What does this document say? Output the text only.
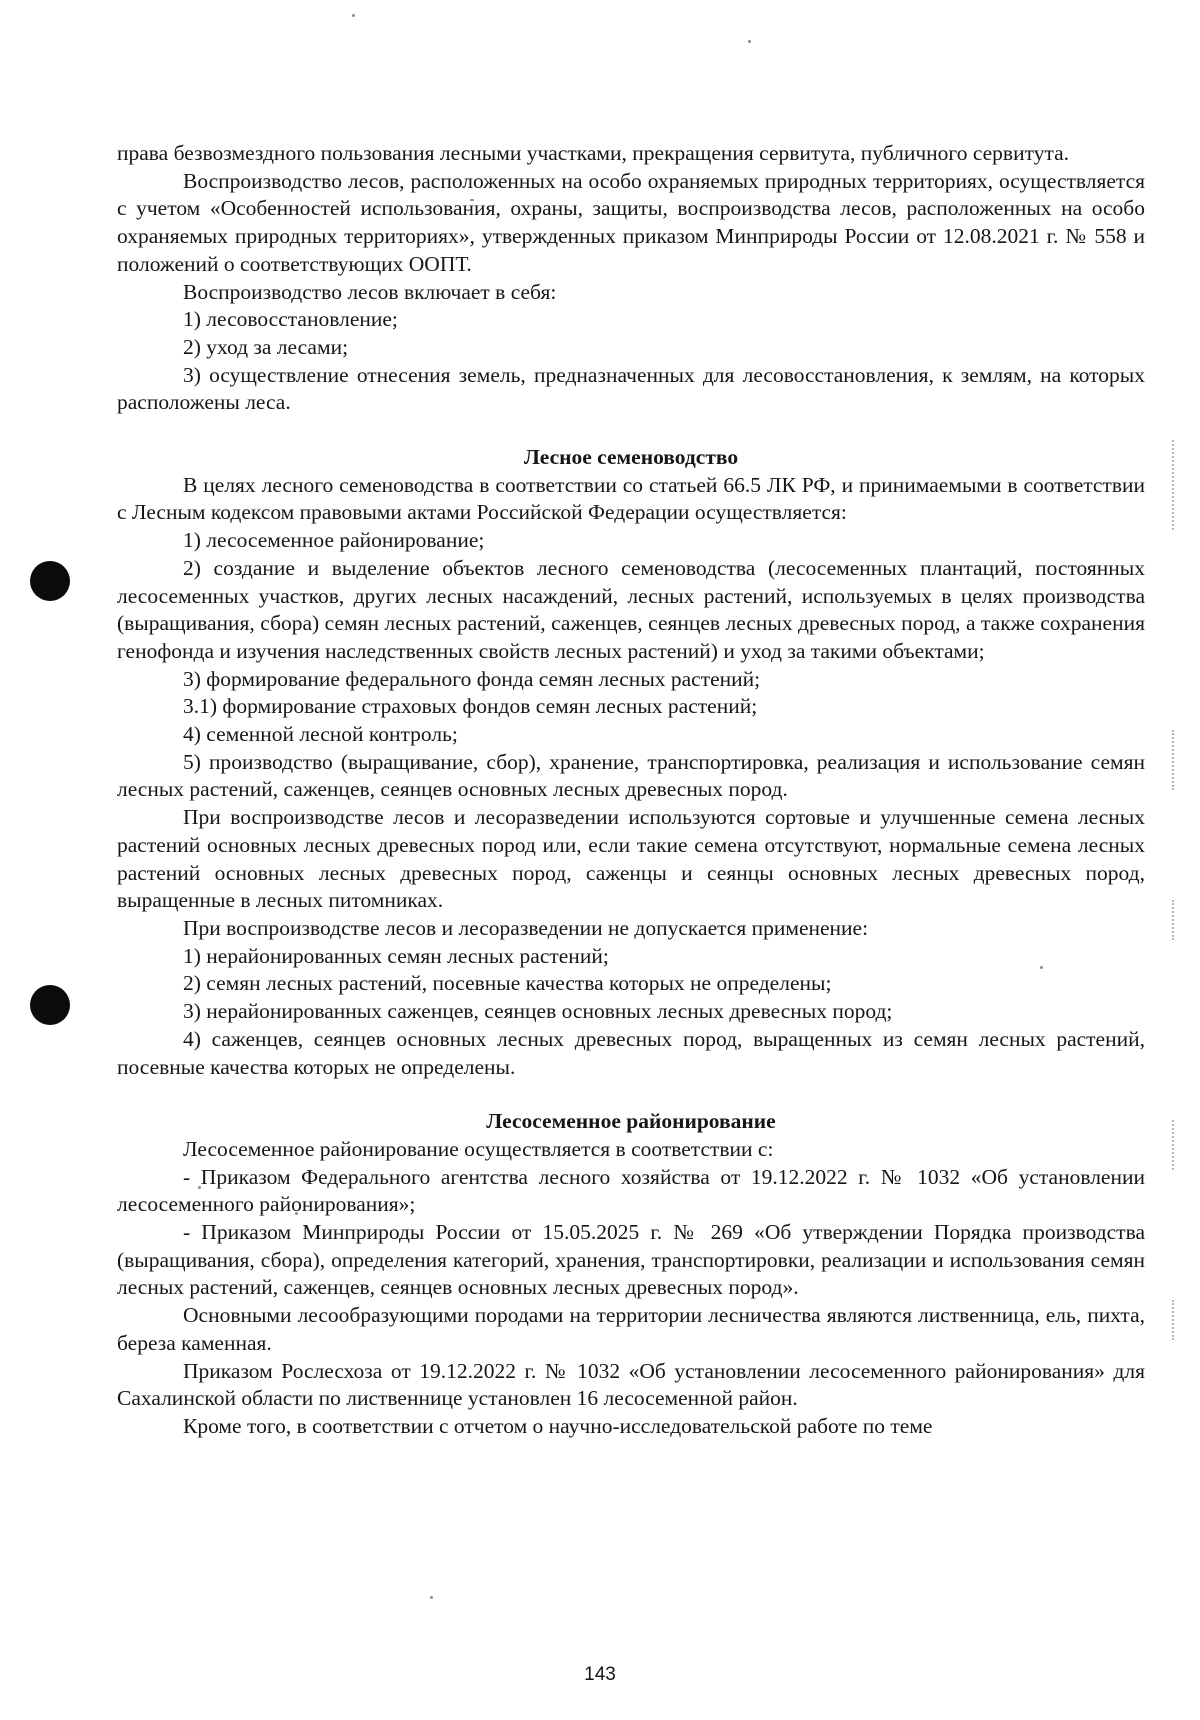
права безвозмездного пользования лесными участками, прекращения сервитута, публичного сервитута.

Воспроизводство лесов, расположенных на особо охраняемых природных территориях, осуществляется с учетом «Особенностей использования, охраны, защиты, воспроизводства лесов, расположенных на особо охраняемых природных территориях», утвержденных приказом Минприроды России от 12.08.2021 г. № 558 и положений о соответствующих ООПТ.

Воспроизводство лесов включает в себя:

1) лесовосстановление;

2) уход за лесами;

3) осуществление отнесения земель, предназначенных для лесовосстановления, к землям, на которых расположены леса.

Лесное семеноводство

В целях лесного семеноводства в соответствии со статьей 66.5 ЛК РФ, и принимаемыми в соответствии с Лесным кодексом правовыми актами Российской Федерации осуществляется:

1) лесосеменное районирование;

2) создание и выделение объектов лесного семеноводства (лесосеменных плантаций, постоянных лесосеменных участков, других лесных насаждений, лесных растений, используемых в целях производства (выращивания, сбора) семян лесных растений, саженцев, сеянцев лесных древесных пород, а также сохранения генофонда и изучения наследственных свойств лесных растений) и уход за такими объектами;

3) формирование федерального фонда семян лесных растений;

3.1) формирование страховых фондов семян лесных растений;

4) семенной лесной контроль;

5) производство (выращивание, сбор), хранение, транспортировка, реализация и использование семян лесных растений, саженцев, сеянцев основных лесных древесных пород.

При воспроизводстве лесов и лесоразведении используются сортовые и улучшенные семена лесных растений основных лесных древесных пород или, если такие семена отсутствуют, нормальные семена лесных растений основных лесных древесных пород, саженцы и сеянцы основных лесных древесных пород, выращенные в лесных питомниках.

При воспроизводстве лесов и лесоразведении не допускается применение:

1) нерайонированных семян лесных растений;

2) семян лесных растений, посевные качества которых не определены;

3) нерайонированных саженцев, сеянцев основных лесных древесных пород;

4) саженцев, сеянцев основных лесных древесных пород, выращенных из семян лесных растений, посевные качества которых не определены.

Лесосеменное районирование

Лесосеменное районирование осуществляется в соответствии с:

- Приказом Федерального агентства лесного хозяйства от 19.12.2022 г. № 1032 «Об установлении лесосеменного районирования»;

- Приказом Минприроды России от 15.05.2025 г. № 269 «Об утверждении Порядка производства (выращивания, сбора), определения категорий, хранения, транспортировки, реализации и использования семян лесных растений, саженцев, сеянцев основных лесных древесных пород».

Основными лесообразующими породами на территории лесничества являются лиственница, ель, пихта, береза каменная.

Приказом Рослесхоза от 19.12.2022 г. № 1032 «Об установлении лесосеменного районирования» для Сахалинской области по лиственнице установлен 16 лесосеменной район.

Кроме того, в соответствии с отчетом о научно-исследовательской работе по теме

143
